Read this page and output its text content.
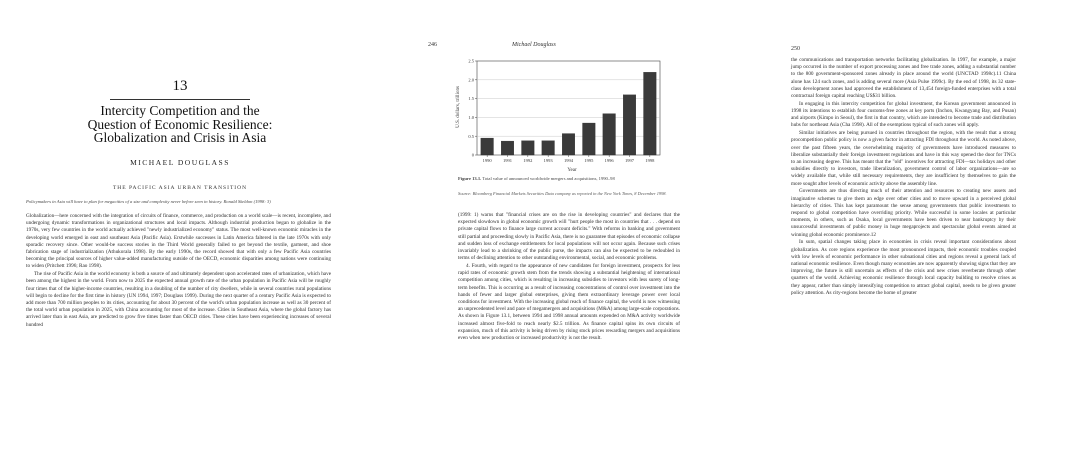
13
Intercity Competition and the
Question of Economic Resilience:
Globalization and Crisis in Asia
MICHAEL DOUGLASS
THE PACIFIC ASIA URBAN TRANSITION
Policymakers in Asia will have to plan for megacities of a size and complexity never before seen in history. Ronald Skeldon (1998: 3)

Globalization—here concerned with the integration of circuits of finance, commerce, and production on a world scale—is recent, incomplete, and undergoing dynamic transformations in organizational structures and local impacts. Although industrial production began to globalize in the 1970s, very few countries in the world actually achieved "newly industrialized economy" status. The most well-known economic miracles in the developing world emerged in east and southeast Asia (Pacific Asia). Erstwhile successes in Latin America faltered in the late 1970s with only sporadic recovery since. Other would-be success stories in the Third World generally failed to get beyond the textile, garment, and shoe fabrication stage of industrialization (Athukorala 1998). By the early 1990s, the record showed that with only a few Pacific Asia countries becoming the principal sources of higher value-added manufacturing outside of the OECD, economic disparities among nations were continuing to widen (Pritchett 1996; Rao 1998).

The rise of Pacific Asia in the world economy is both a source of and ultimately dependent upon accelerated rates of urbanization, which have been among the highest in the world. From now to 2025 the expected annual growth rate of the urban population in Pacific Asia will be roughly four times that of the higher-income countries, resulting in a doubling of the number of city dwellers, while in several countries rural populations will begin to decline for the first time in history (UN 1994, 1997; Douglass 1999). During the next quarter of a century Pacific Asia is expected to add more than 700 million peoples to its cities, accounting for about 30 percent of the world's urban population increase as well as 30 percent of the total world urban population in 2025, with China accounting for most of the increase. Cities in Southeast Asia, where the global factory has arrived later than in east Asia, are predicted to grow five times faster than OECD cities. These cities have been experiencing increases of several hundred

246	Michael Douglass
U.S. dollars, trillions
Year
0
0.5
1.0
1.5
2.0
2.5
1990	1991	1992	1993	1994	1995	1996	1997	1998
Figure 13.1. Total value of announced worldwide mergers and acquisitions, 1990–98
Source: Bloomberg Financial Markets Securities Data company as reported in the New York Times, 8 December 1998.

(1999: 1) warns that "financial crises are on the rise in developing countries" and declares that the expected slowdown in global economic growth will "hurt people the most in countries that . . . depend on private capital flows to finance large current account deficits." With reforms in banking and government still partial and proceeding slowly in Pacific Asia, there is no guarantee that episodes of economic collapse and sudden loss of exchange entitlements for local populations will not occur again. Because such crises invariably lead to a shrinking of the public purse, the impacts can also be expected to be redoubled in terms of declining attention to other outstanding environmental, social, and economic problems.

4. Fourth, with regard to the appearance of new candidates for foreign investment, prospects for less rapid rates of economic growth stem from the trends showing a substantial heightening of international competition among cities, which is resulting in increasing subsidies to investors with less surety of long-term benefits. This is occurring as a result of increasing concentrations of control over investment into the hands of fewer and larger global enterprises, giving them extraordinary leverage power over local conditions for investment. With the increasing global reach of finance capital, the world is now witnessing an unprecedented level and pace of megamergers and acquisitions (M&A) among large-scale corporations. As shown in Figure 13.1, between 1994 and 1998 annual amounts expended on M&A activity worldwide increased almost five-fold to reach nearly $2.5 trillion. As finance capital spins its own circuits of expansion, much of this activity is being driven by rising stock prices rewarding mergers and acquisitions even when new production or increased productivity is not the result.

250

the communications and transportation networks facilitating globalization. In 1997, for example, a major jump occurred in the number of export processing zones and free trade zones, adding a substantial number to the 800 government-sponsored zones already in place around the world (UNCTAD 1998c).11 China alone has 124 such zones, and is adding several more (Asia Pulse 1999c). By the end of 1998, its 32 state-class development zones had approved the establishment of 13,454 foreign-funded enterprises with a total contractual foreign capital reaching US$31 billion.

In engaging in this intercity competition for global investment, the Korean government announced in 1998 its intentions to establish four customs-free zones at key ports (Inchon, Kwangyang Bay, and Pusan) and airports (Kimpo in Seoul), the first in that country, which are intended to become trade and distribution hubs for northeast Asia (Cha 1998). All of the exemptions typical of such zones will apply.

Similar initiatives are being pursued in countries throughout the region, with the result that a strong procompetition public policy is now a given factor in attracting FDI throughout the world. As noted above, over the past fifteen years, the overwhelming majority of governments have introduced measures to liberalize substantially their foreign investment regulations and have in this way opened the door for TNCs to an increasing degree. This has meant that the "old" incentives for attracting FDI—tax holidays and other subsidies directly to investors, trade liberalization, government control of labor organizations—are so widely available that, while still necessary requirements, they are insufficient by themselves to gain the more sought after levels of economic activity above the assembly line.

Governments are thus directing much of their attention and resources to creating new assets and imaginative schemes to give them an edge over other cities and to move upward in a perceived global hierarchy of cities. This has kept paramount the sense among governments that public investments to respond to global competition have overriding priority. While successful in some locales at particular moments, in others, such as Osaka, local governments have been driven to near bankruptcy by their unsuccessful investments of public money in huge megaprojects and spectacular global events aimed at winning global economic prominence.12

In sum, spatial changes taking place in economies in crisis reveal important considerations about globalization. As core regions experience the most pronounced impacts, their economic troubles coupled with low levels of economic performance in other subnational cities and regions reveal a general lack of national economic resilience. Even though many economies are now apparently showing signs that they are improving, the future is still uncertain as effects of the crisis and new crises reverberate through other quarters of the world. Achieving economic resilience through local capacity building to resolve crises as they appear, rather than simply intensifying competition to attract global capital, needs to be given greater policy attention. As city-regions become the home of greater
